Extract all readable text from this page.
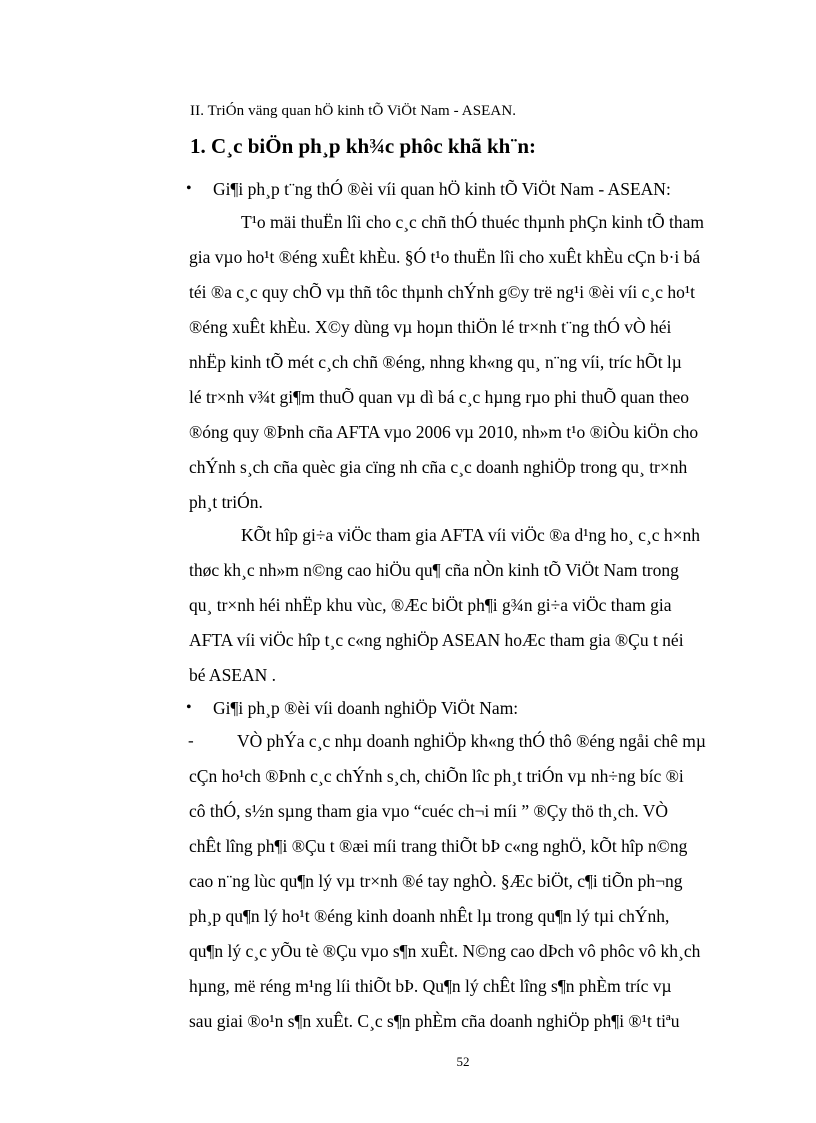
II. TriÓn väng quan hÖ kinh tÕ ViÖt Nam - ASEAN.
1. C¸c biÖn ph¸p kh¾c phôc khã kh¨n:
• Gi¶i ph¸p t¨ng thÓ ®èi víi quan hÖ kinh tÕ ViÖt Nam - ASEAN:
T¹o mäi thuËn lîi cho c¸c chñ thÓ thuéc thµnh phÇn kinh tÕ tham
gia vµo ho¹t ®éng xuÊt khÈu. §Ó t¹o thuËn lîi cho xuÊt khÈu cÇn b·i bá
téi ®a c¸c quy chÕ vµ thñ tôc thµnh chÝnh g©y trë ng¹i ®èi víi c¸c ho¹t
®éng xuÊt khÈu. X©y dùng vµ hoµn thiÖn lé tr×nh t¨ng thÓ vÒ héi
nhËp kinh tÕ mét c¸ch chñ ®éng, nhng kh«ng qu¸ n¨ng víi, tríc hÕt lµ
lé tr×nh v¾t gi¶m thuÕ quan vµ dì bá c¸c hµng rµo phi thuÕ quan theo
®óng quy ®Þnh cña AFTA vµo 2006 vµ 2010, nh»m t¹o ®iÒu kiÖn cho
chÝnh s¸ch cña quèc gia cïng nh cña c¸c doanh nghiÖp trong qu¸ tr×nh
ph¸t triÓn.
KÕt hîp gi÷a viÖc tham gia AFTA víi viÖc ®a d¹ng ho¸ c¸c h×nh
thøc kh¸c nh»m n©ng cao hiÖu qu¶ cña nÒn kinh tÕ ViÖt Nam trong
qu¸ tr×nh héi nhËp khu vùc, ®Æc biÖt ph¶i g¾n gi÷a viÖc tham gia
AFTA víi viÖc hîp t¸c c«ng nghiÖp ASEAN hoÆc tham gia ®Çu t néi
bé ASEAN .
• Gi¶i ph¸p ®èi víi doanh nghiÖp ViÖt Nam:
- VÒ phÝa c¸c nhµ doanh nghiÖp kh«ng thÓ thô ®éng ngåi chê mµ
cÇn ho¹ch ®Þnh c¸c chÝnh s¸ch, chiÕn lîc ph¸t triÓn vµ nh÷ng bíc ®i
cô thÓ, s½n sµng tham gia vµo “cuéc ch¬i míi ” ®Çy thö th¸ch. VÒ
chÊt lîng ph¶i ®Çu t ®æi míi trang thiÕt bÞ c«ng nghÖ, kÕt hîp n©ng
cao n¨ng lùc qu¶n lý vµ tr×nh ®é tay nghÒ. §Æc biÖt, c¶i tiÕn ph¬ng
ph¸p qu¶n lý ho¹t ®éng kinh doanh nhÊt lµ trong qu¶n lý tµi chÝnh,
qu¶n lý c¸c yÕu tè ®Çu vµo s¶n xuÊt. N©ng cao dÞch vô phôc vô kh¸ch
hµng, më réng m¹ng líi thiÕt bÞ. Qu¶n lý chÊt lîng s¶n phÈm tríc vµ
sau giai ®o¹n s¶n xuÊt. C¸c s¶n phÈm cña doanh nghiÖp ph¶i ®¹t tiªu
52
